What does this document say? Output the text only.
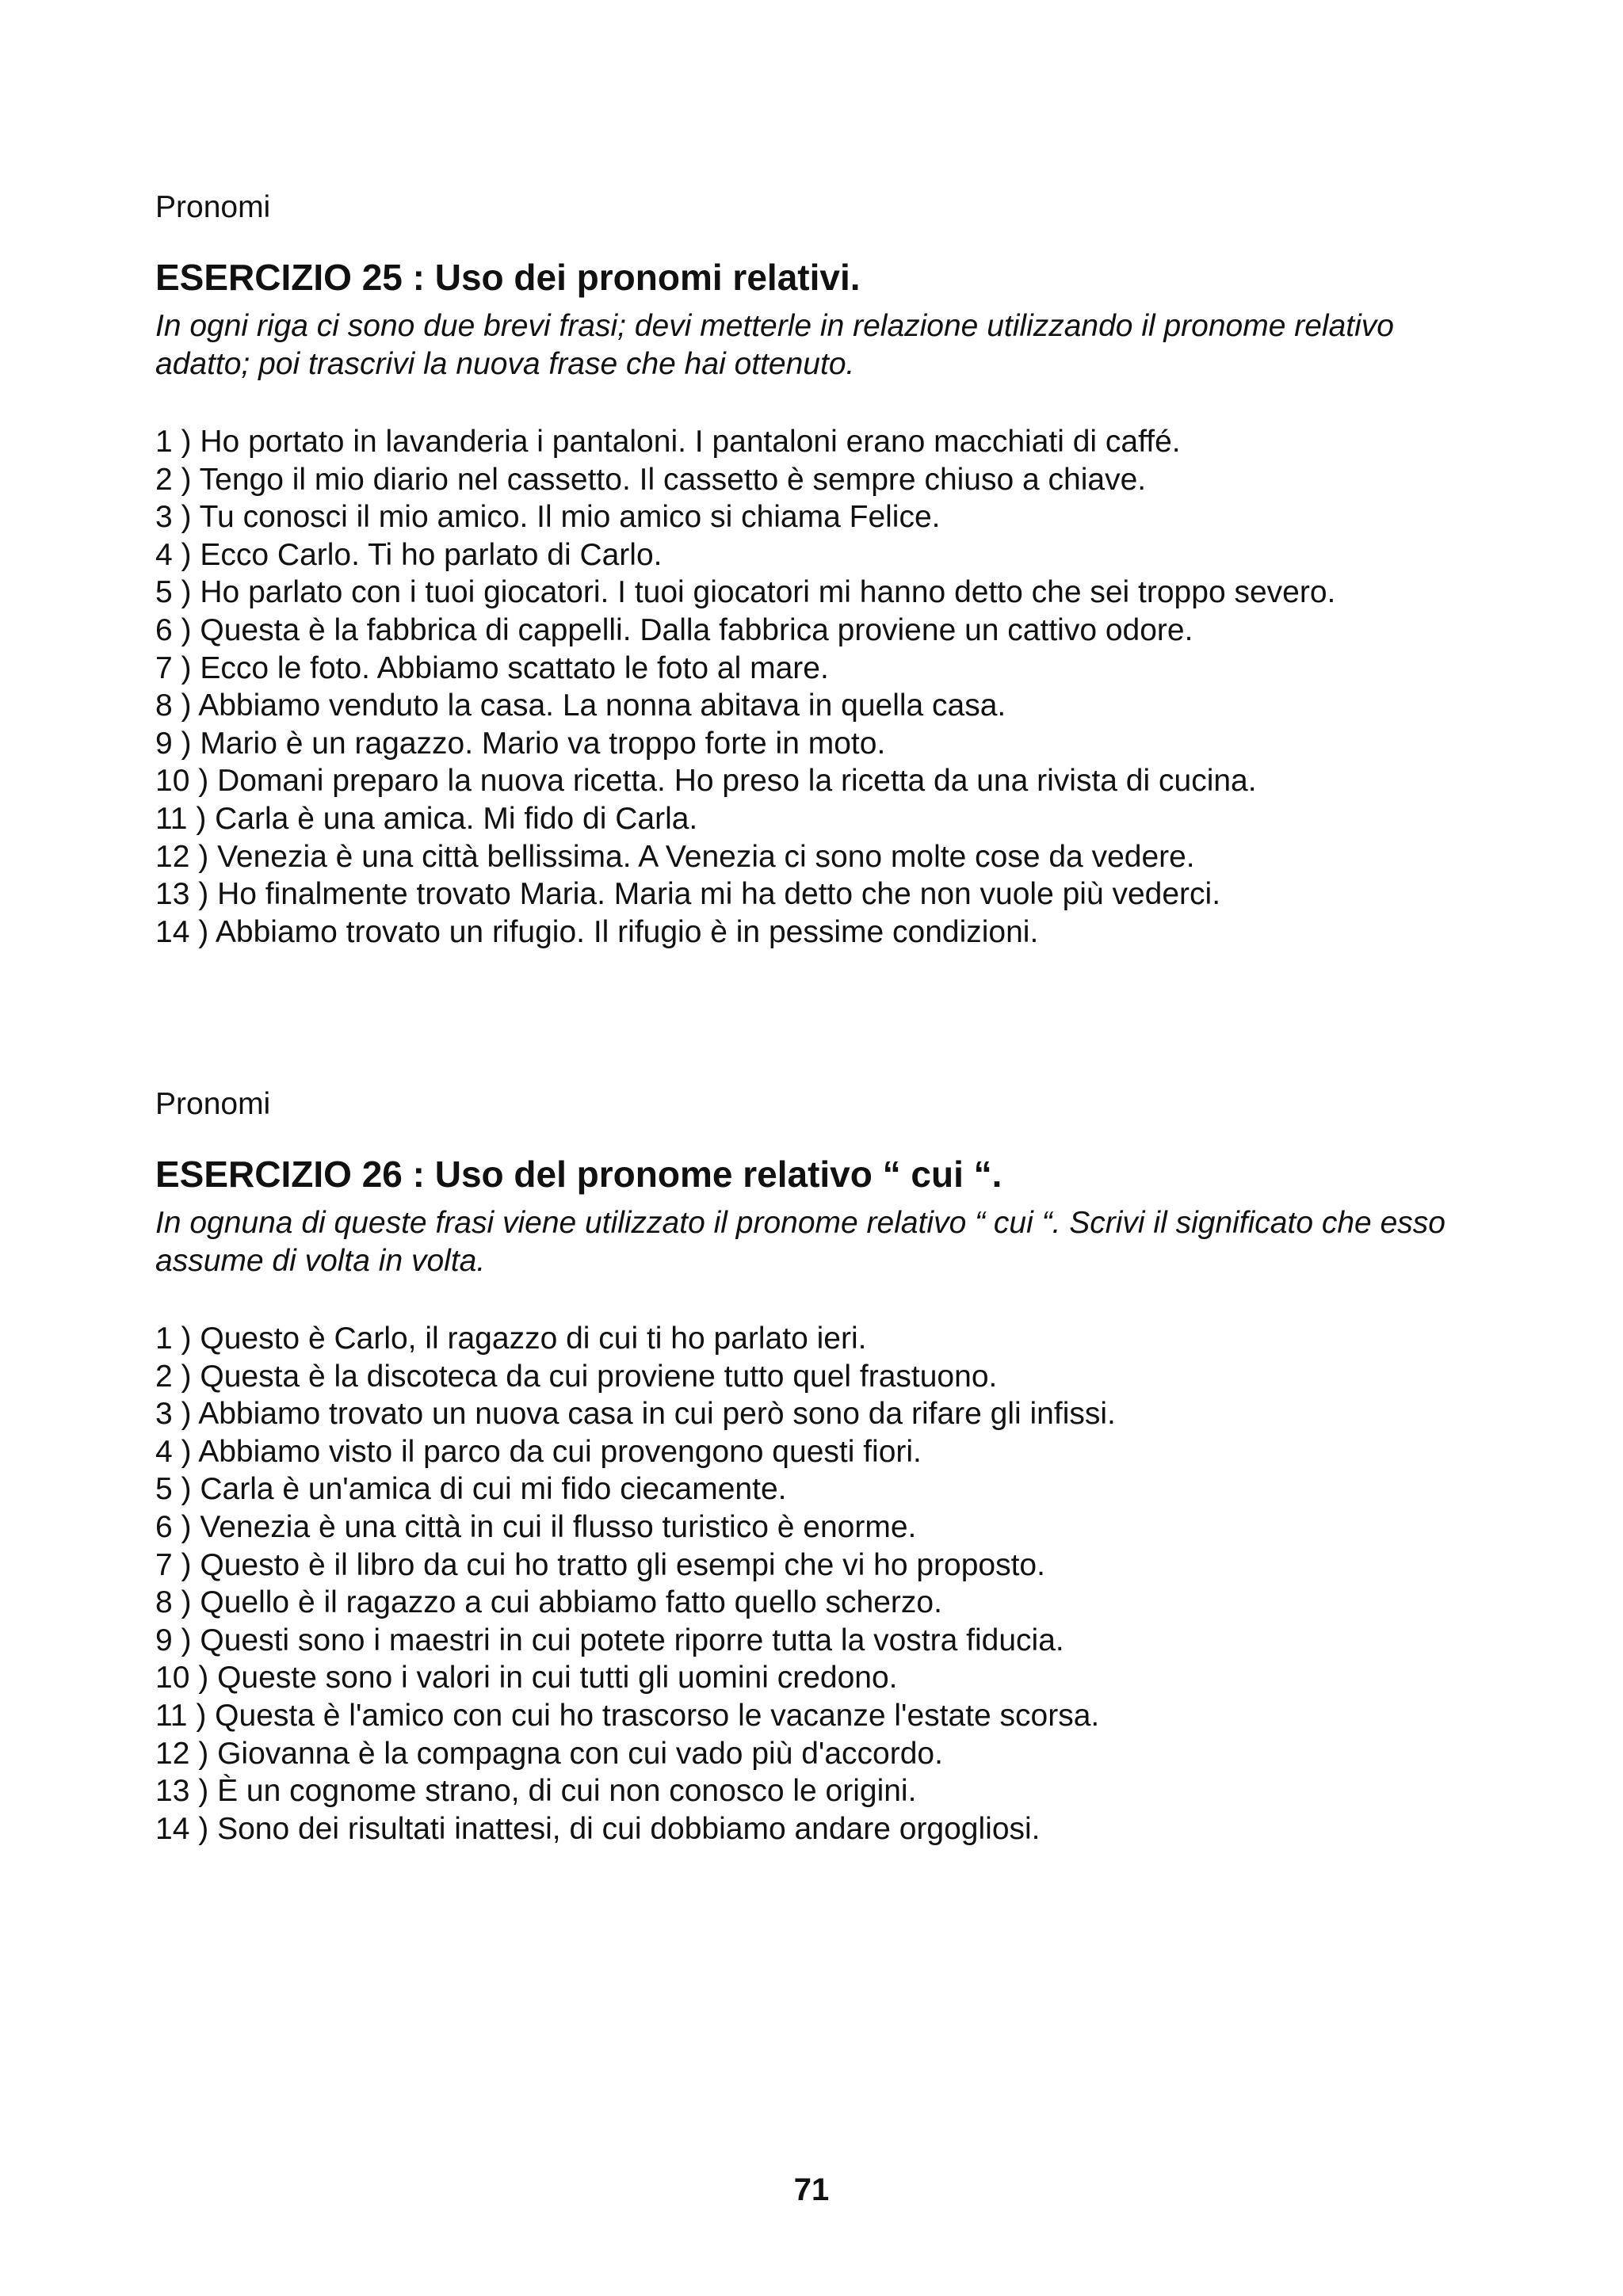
Pronomi

ESERCIZIO 25 : Uso dei pronomi relativi.

In ogni riga ci sono due brevi frasi; devi metterle in relazione utilizzando il pronome relativo adatto; poi trascrivi la nuova frase che hai ottenuto.

1 ) Ho portato in lavanderia i pantaloni. I pantaloni erano macchiati di caffé.
2 ) Tengo il mio diario nel cassetto. Il cassetto è sempre chiuso a chiave.
3 ) Tu conosci il mio amico. Il mio amico si chiama Felice.
4 ) Ecco Carlo. Ti ho parlato di Carlo.
5 ) Ho parlato con i tuoi giocatori. I tuoi giocatori mi hanno detto che sei troppo severo.
6 ) Questa è la fabbrica di cappelli. Dalla fabbrica proviene un cattivo odore.
7 ) Ecco le foto. Abbiamo scattato le foto al mare.
8 ) Abbiamo venduto la casa. La nonna abitava in quella casa.
9 ) Mario è un ragazzo. Mario va troppo forte in moto.
10 ) Domani preparo la nuova ricetta. Ho preso la ricetta da una rivista di cucina.
11 ) Carla è una amica. Mi fido di Carla.
12 ) Venezia è una città bellissima. A Venezia ci sono molte cose da vedere.
13 ) Ho finalmente trovato Maria. Maria mi ha detto che non vuole più vederci.
14 ) Abbiamo trovato un rifugio. Il rifugio è in pessime condizioni.

Pronomi

ESERCIZIO 26 : Uso del pronome relativo “ cui “.

In ognuna di queste frasi viene utilizzato il pronome relativo “ cui “. Scrivi il significato che esso assume di volta in volta.

1 ) Questo è Carlo, il ragazzo di cui ti ho parlato ieri.
2 ) Questa è la discoteca da cui proviene tutto quel frastuono.
3 ) Abbiamo trovato un nuova casa in cui però sono da rifare gli infissi.
4 ) Abbiamo visto il parco da cui provengono questi fiori.
5 ) Carla è un'amica di cui mi fido ciecamente.
6 ) Venezia è una città in cui il flusso turistico è enorme.
7 ) Questo è il libro da cui ho tratto gli esempi che vi ho proposto.
8 ) Quello è il ragazzo a cui abbiamo fatto quello scherzo.
9 ) Questi sono i maestri in cui potete riporre tutta la vostra fiducia.
10 ) Queste sono i valori in cui tutti gli uomini credono.
11 ) Questa è l'amico con cui ho trascorso le vacanze l'estate scorsa.
12 ) Giovanna è la compagna con cui vado più d'accordo.
13 ) È un cognome strano, di cui non conosco le origini.
14 ) Sono dei risultati inattesi, di cui dobbiamo andare orgogliosi.
71
